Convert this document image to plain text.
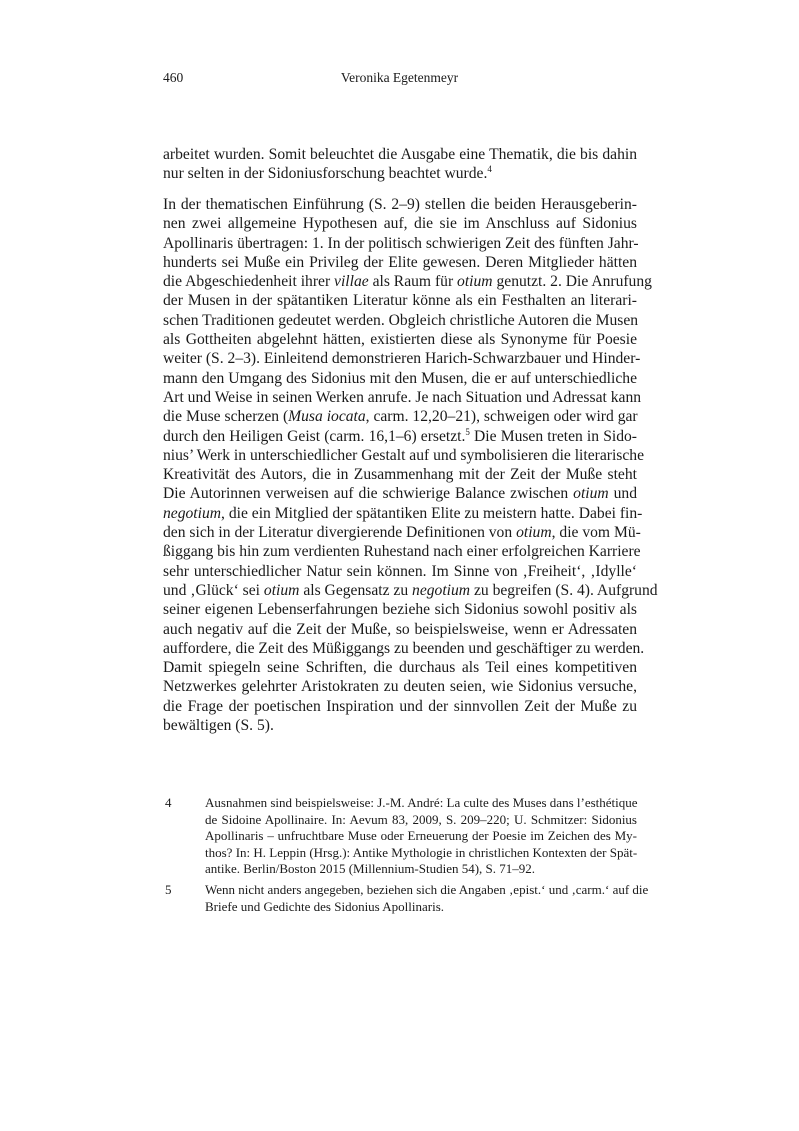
460	Veronika Egetenmeyr
arbeitet wurden. Somit beleuchtet die Ausgabe eine Thematik, die bis dahin
nur selten in der Sidoniusforschung beachtet wurde.$^4$
In der thematischen Einführung (S. 2–9) stellen die beiden Herausgeberin-
nen zwei allgemeine Hypothesen auf, die sie im Anschluss auf Sidonius
Apollinaris übertragen: 1. In der politisch schwierigen Zeit des fünften Jahr-
hunderts sei Muße ein Privileg der Elite gewesen. Deren Mitglieder hätten
die Abgeschiedenheit ihrer villae als Raum für otium genutzt. 2. Die Anrufung
der Musen in der spätantiken Literatur könne als ein Festhalten an literari-
schen Traditionen gedeutet werden. Obgleich christliche Autoren die Musen
als Gottheiten abgelehnt hätten, existierten diese als Synonyme für Poesie
weiter (S. 2–3). Einleitend demonstrieren Harich-Schwarzbauer und Hinder-
mann den Umgang des Sidonius mit den Musen, die er auf unterschiedliche
Art und Weise in seinen Werken anrufe. Je nach Situation und Adressat kann
die Muse scherzen (Musa iocata, carm. 12,20–21), schweigen oder wird gar
durch den Heiligen Geist (carm. 16,1–6) ersetzt.$^5$ Die Musen treten in Sido-
nius’ Werk in unterschiedlicher Gestalt auf und symbolisieren die literarische
Kreativität des Autors, die in Zusammenhang mit der Zeit der Muße steht
Die Autorinnen verweisen auf die schwierige Balance zwischen otium und
negotium, die ein Mitglied der spätantiken Elite zu meistern hatte. Dabei fin-
den sich in der Literatur divergierende Definitionen von otium, die vom Mü-
ßiggang bis hin zum verdienten Ruhestand nach einer erfolgreichen Karriere
sehr unterschiedlicher Natur sein können. Im Sinne von ‚Freiheit‘, ‚Idylle‘
und ‚Glück‘ sei otium als Gegensatz zu negotium zu begreifen (S. 4). Aufgrund
seiner eigenen Lebenserfahrungen beziehe sich Sidonius sowohl positiv als
auch negativ auf die Zeit der Muße, so beispielsweise, wenn er Adressaten
auffordere, die Zeit des Müßiggangs zu beenden und geschäftiger zu werden.
Damit spiegeln seine Schriften, die durchaus als Teil eines kompetitiven
Netzwerkes gelehrter Aristokraten zu deuten seien, wie Sidonius versuche,
die Frage der poetischen Inspiration und der sinnvollen Zeit der Muße zu
bewältigen (S. 5).
4	Ausnahmen sind beispielsweise: J.-M. André: La culte des Muses dans l’esthétique
de Sidoine Apollinaire. In: Aevum 83, 2009, S. 209–220; U. Schmitzer: Sidonius
Apollinaris – unfruchtbare Muse oder Erneuerung der Poesie im Zeichen des My-
thos? In: H. Leppin (Hrsg.): Antike Mythologie in christlichen Kontexten der Spät-
antike. Berlin/Boston 2015 (Millennium-Studien 54), S. 71–92.
5	Wenn nicht anders angegeben, beziehen sich die Angaben ‚epist.‘ und ‚carm.‘ auf die
Briefe und Gedichte des Sidonius Apollinaris.
